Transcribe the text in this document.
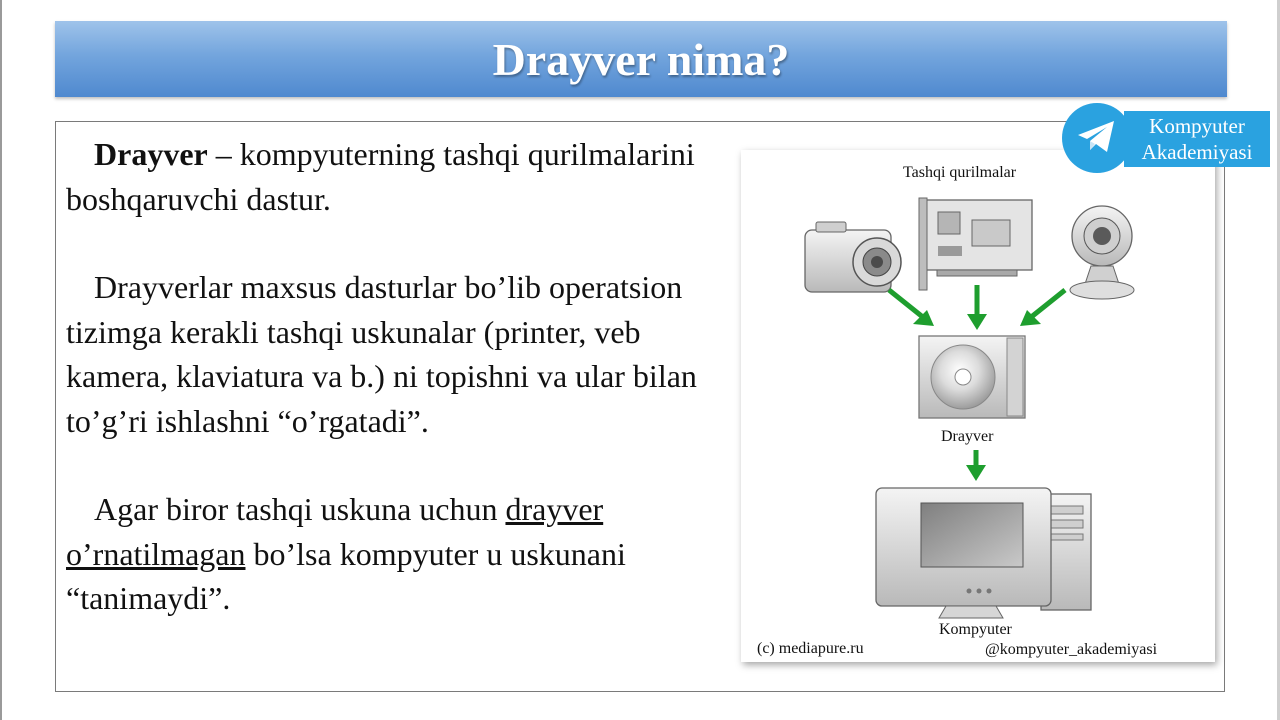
Drayver nima?

Drayver – kompyuterning tashqi qurilmalarini boshqaruvchi dastur.

Drayverlar maxsus dasturlar bo’lib operatsion tizimga kerakli tashqi uskunalar (printer, veb kamera, klaviatura va b.) ni topishni va ular bilan to’g’ri ishlashni “o’rgatadi”.

Agar biror tashqi uskuna uchun drayver o’rnatilmagan bo’lsa kompyuter u uskunani “tanimaydi”.

Tashqi qurilmalar
Drayver
Kompyuter
(c) mediapure.ru	@kompyuter_akademiyasi
Kompyuter
Akademiyasi
